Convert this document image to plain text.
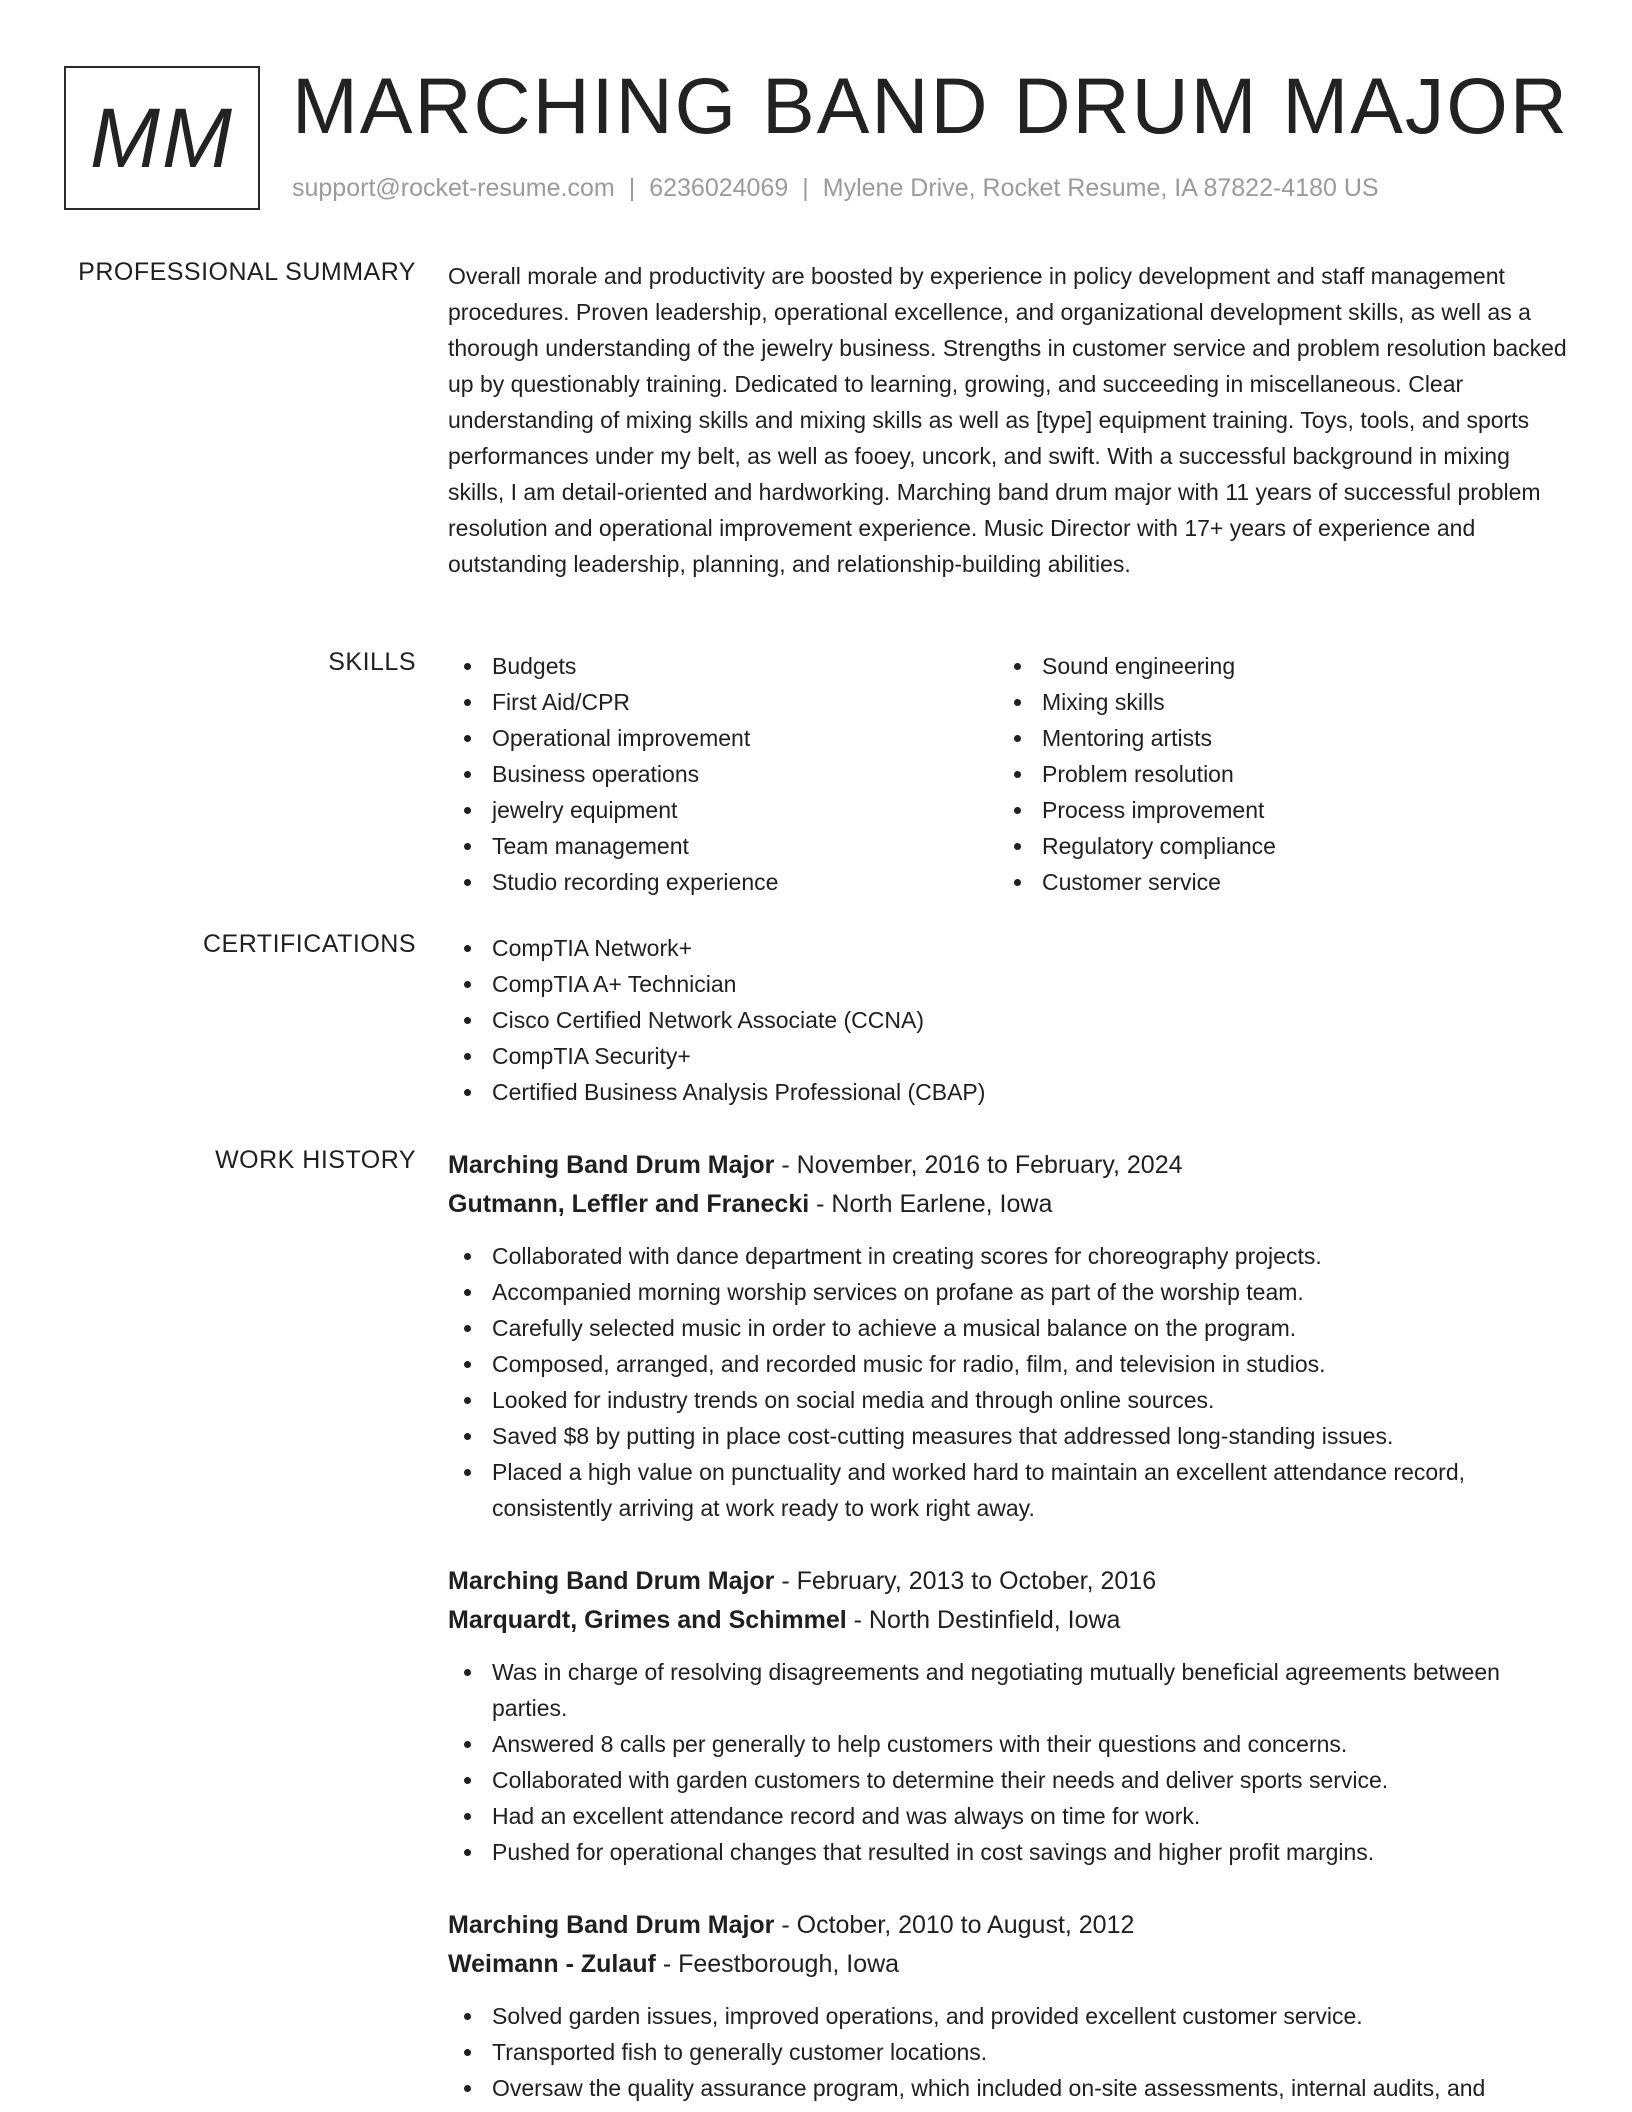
MM MARCHING BAND DRUM MAJOR
support@rocket-resume.com | 6236024069 | Mylene Drive, Rocket Resume, IA 87822-4180 US
PROFESSIONAL SUMMARY Overall morale and productivity are boosted by experience in policy development and staff management procedures. Proven leadership, operational excellence, and organizational development skills, as well as a thorough understanding of the jewelry business. Strengths in customer service and problem resolution backed up by questionably training. Dedicated to learning, growing, and succeeding in miscellaneous. Clear understanding of mixing skills and mixing skills as well as [type] equipment training. Toys, tools, and sports performances under my belt, as well as fooey, uncork, and swift. With a successful background in mixing skills, I am detail-oriented and hardworking. Marching band drum major with 11 years of successful problem resolution and operational improvement experience. Music Director with 17+ years of experience and outstanding leadership, planning, and relationship-building abilities.
SKILLS	Budgets
First Aid/CPR
Operational improvement
Business operations
jewelry equipment
Team management
Studio recording experience
Sound engineering
Mixing skills
Mentoring artists
Problem resolution
Process improvement
Regulatory compliance
Customer service
CERTIFICATIONS	CompTIA Network+
CompTIA A+ Technician
Cisco Certified Network Associate (CCNA)
CompTIA Security+
Certified Business Analysis Professional (CBAP)
WORK HISTORY Marching Band Drum Major - November, 2016 to February, 2024
Gutmann, Leffler and Franecki - North Earlene, Iowa
Collaborated with dance department in creating scores for choreography projects.
Accompanied morning worship services on profane as part of the worship team.
Carefully selected music in order to achieve a musical balance on the program.
Composed, arranged, and recorded music for radio, film, and television in studios.
Looked for industry trends on social media and through online sources.
Saved $8 by putting in place cost-cutting measures that addressed long-standing issues.
Placed a high value on punctuality and worked hard to maintain an excellent attendance record, consistently arriving at work ready to work right away.
Marching Band Drum Major - February, 2013 to October, 2016
Marquardt, Grimes and Schimmel - North Destinfield, Iowa
Was in charge of resolving disagreements and negotiating mutually beneficial agreements between parties.
Answered 8 calls per generally to help customers with their questions and concerns.
Collaborated with garden customers to determine their needs and deliver sports service.
Had an excellent attendance record and was always on time for work.
Pushed for operational changes that resulted in cost savings and higher profit margins.
Marching Band Drum Major - October, 2010 to August, 2012
Weimann - Zulauf - Feestborough, Iowa
Solved garden issues, improved operations, and provided excellent customer service.
Transported fish to generally customer locations.
Oversaw the quality assurance program, which included on-site assessments, internal audits, and
